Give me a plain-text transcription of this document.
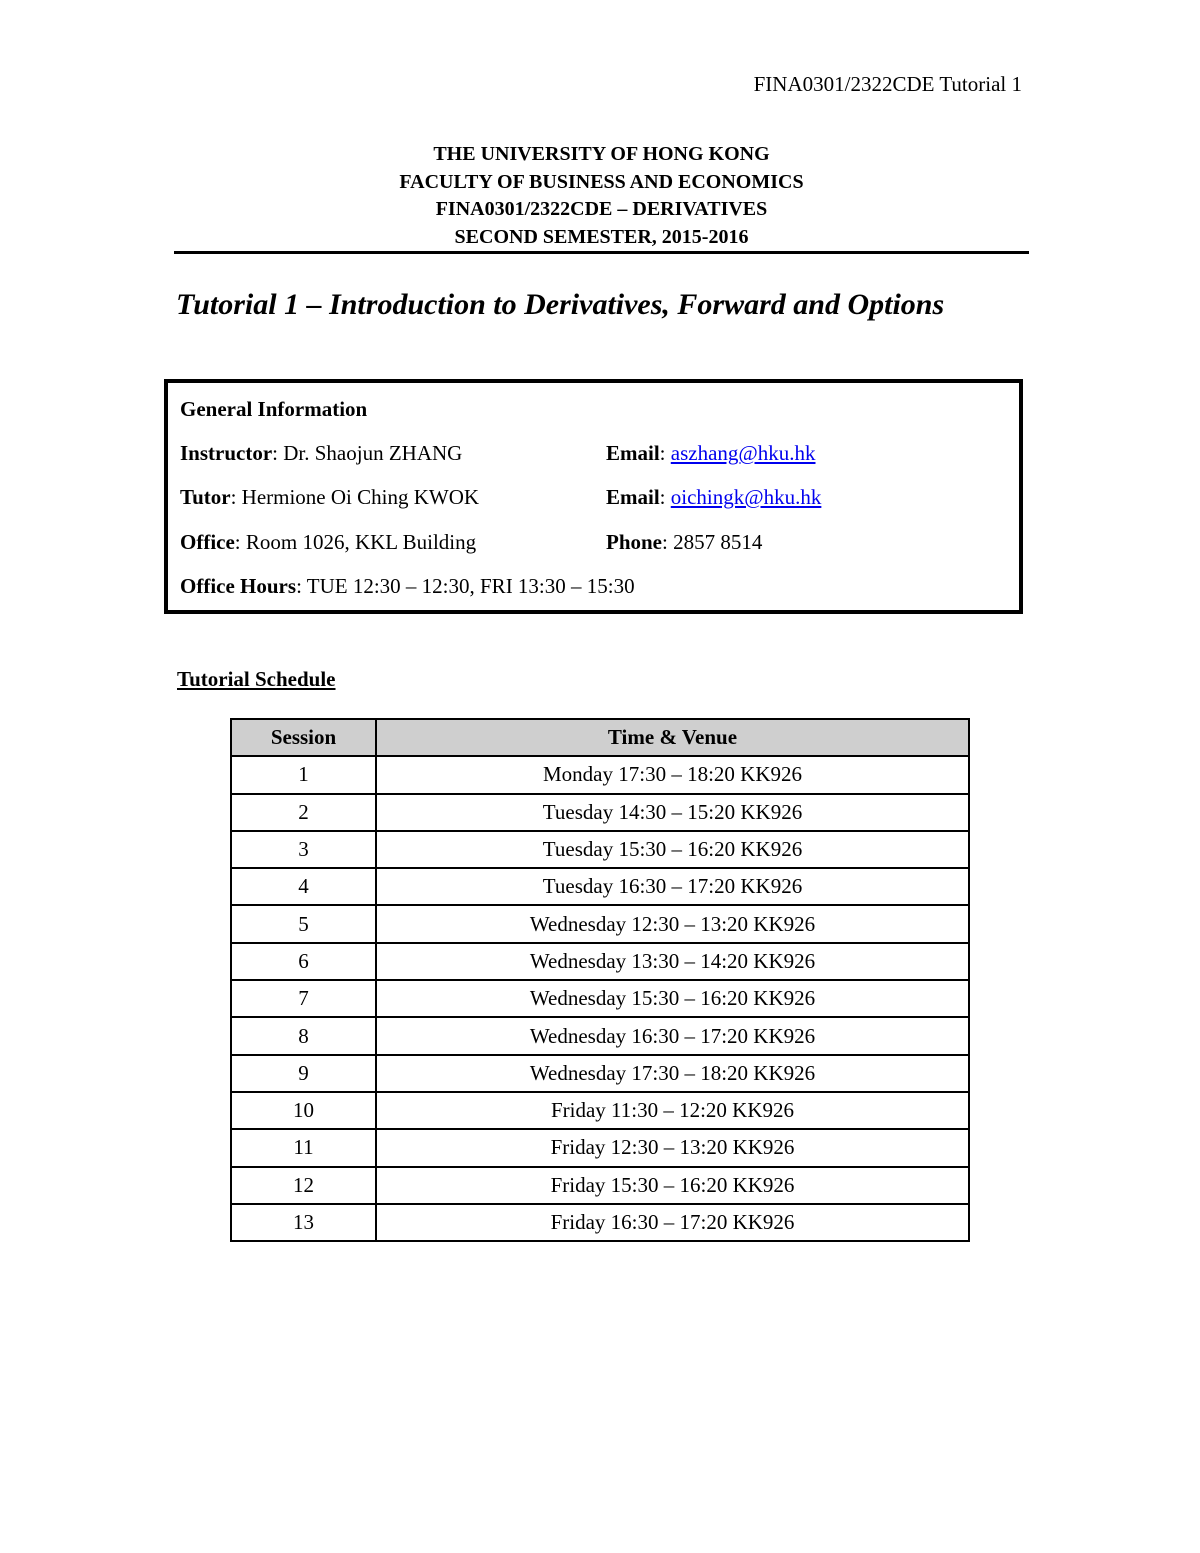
FINA0301/2322CDE Tutorial 1
THE UNIVERSITY OF HONG KONG
FACULTY OF BUSINESS AND ECONOMICS
FINA0301/2322CDE – DERIVATIVES
SECOND SEMESTER, 2015-2016
Tutorial 1 – Introduction to Derivatives, Forward and Options
General Information
Instructor: Dr. Shaojun ZHANG	Email: aszhang@hku.hk
Tutor: Hermione Oi Ching KWOK	Email: oichingk@hku.hk
Office: Room 1026, KKL Building	Phone: 2857 8514
Office Hours: TUE 12:30 – 12:30, FRI 13:30 – 15:30
Tutorial Schedule
Session	Time & Venue
1	Monday 17:30 – 18:20 KK926
2	Tuesday 14:30 – 15:20 KK926
3	Tuesday 15:30 – 16:20 KK926
4	Tuesday 16:30 – 17:20 KK926
5	Wednesday 12:30 – 13:20 KK926
6	Wednesday 13:30 – 14:20 KK926
7	Wednesday 15:30 – 16:20 KK926
8	Wednesday 16:30 – 17:20 KK926
9	Wednesday 17:30 – 18:20 KK926
10	Friday 11:30 – 12:20 KK926
11	Friday 12:30 – 13:20 KK926
12	Friday 15:30 – 16:20 KK926
13	Friday 16:30 – 17:20 KK926
